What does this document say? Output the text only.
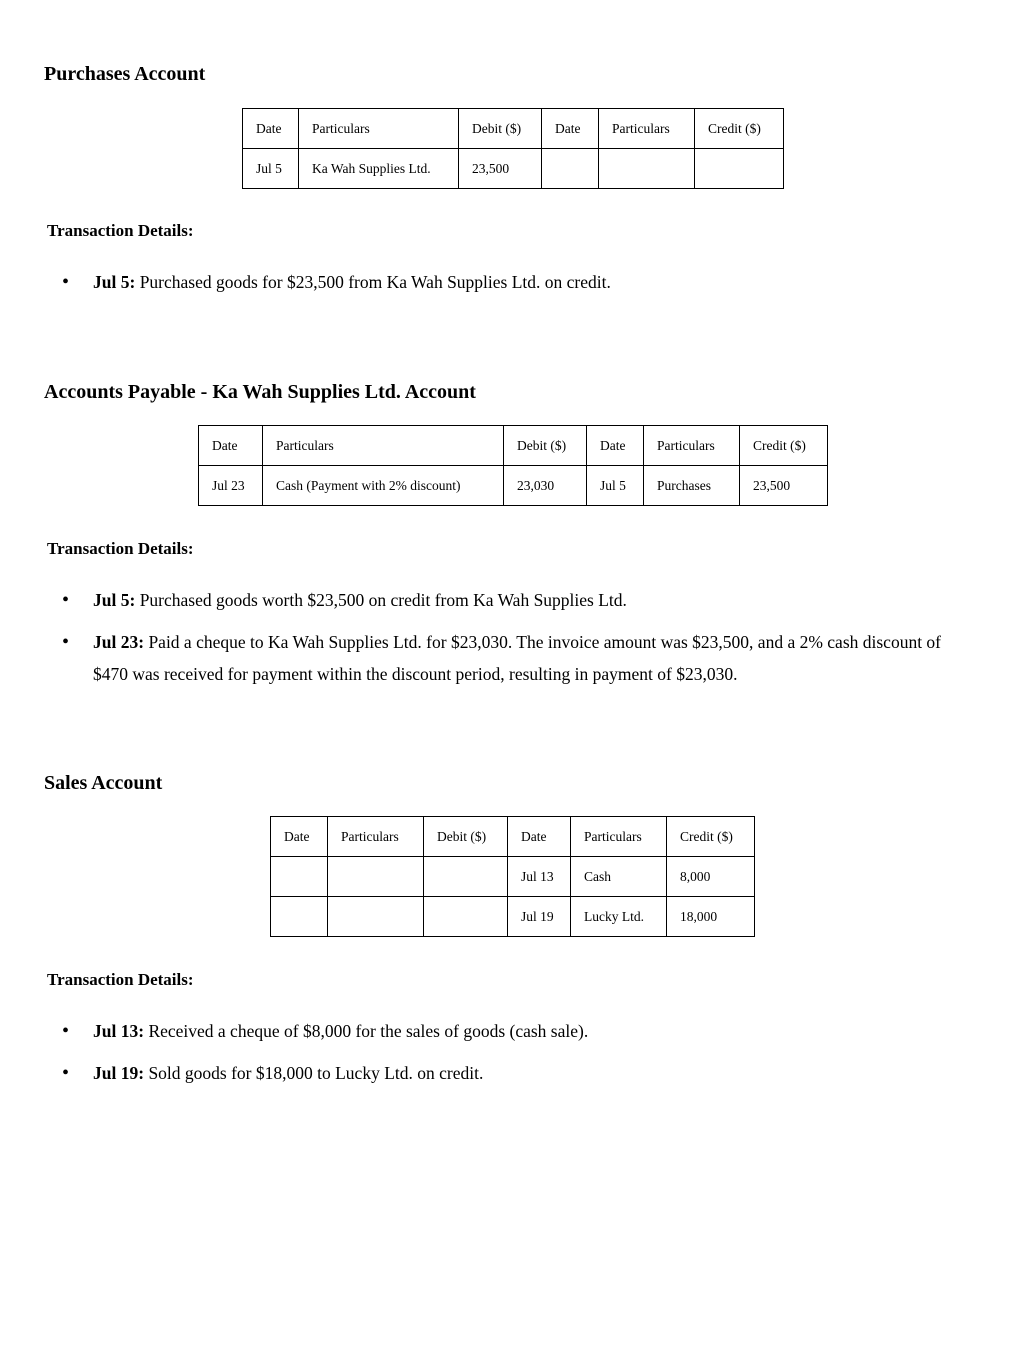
Purchases Account
Date	Particulars	Debit ($)	Date	Particulars	Credit ($)
Jul 5	Ka Wah Supplies Ltd.	23,500			
Transaction Details:
• Jul 5: Purchased goods for $23,500 from Ka Wah Supplies Ltd. on credit.
Accounts Payable - Ka Wah Supplies Ltd. Account
Date	Particulars	Debit ($)	Date	Particulars	Credit ($)
Jul 23	Cash (Payment with 2% discount)	23,030	Jul 5	Purchases	23,500
Transaction Details:
• Jul 5: Purchased goods worth $23,500 on credit from Ka Wah Supplies Ltd.
• Jul 23: Paid a cheque to Ka Wah Supplies Ltd. for $23,030. The invoice amount was $23,500, and a 2% cash discount of $470 was received for payment within the discount period, resulting in payment of $23,030.
Sales Account
Date	Particulars	Debit ($)	Date	Particulars	Credit ($)
			Jul 13	Cash	8,000
			Jul 19	Lucky Ltd.	18,000
Transaction Details:
• Jul 13: Received a cheque of $8,000 for the sales of goods (cash sale).
• Jul 19: Sold goods for $18,000 to Lucky Ltd. on credit.
